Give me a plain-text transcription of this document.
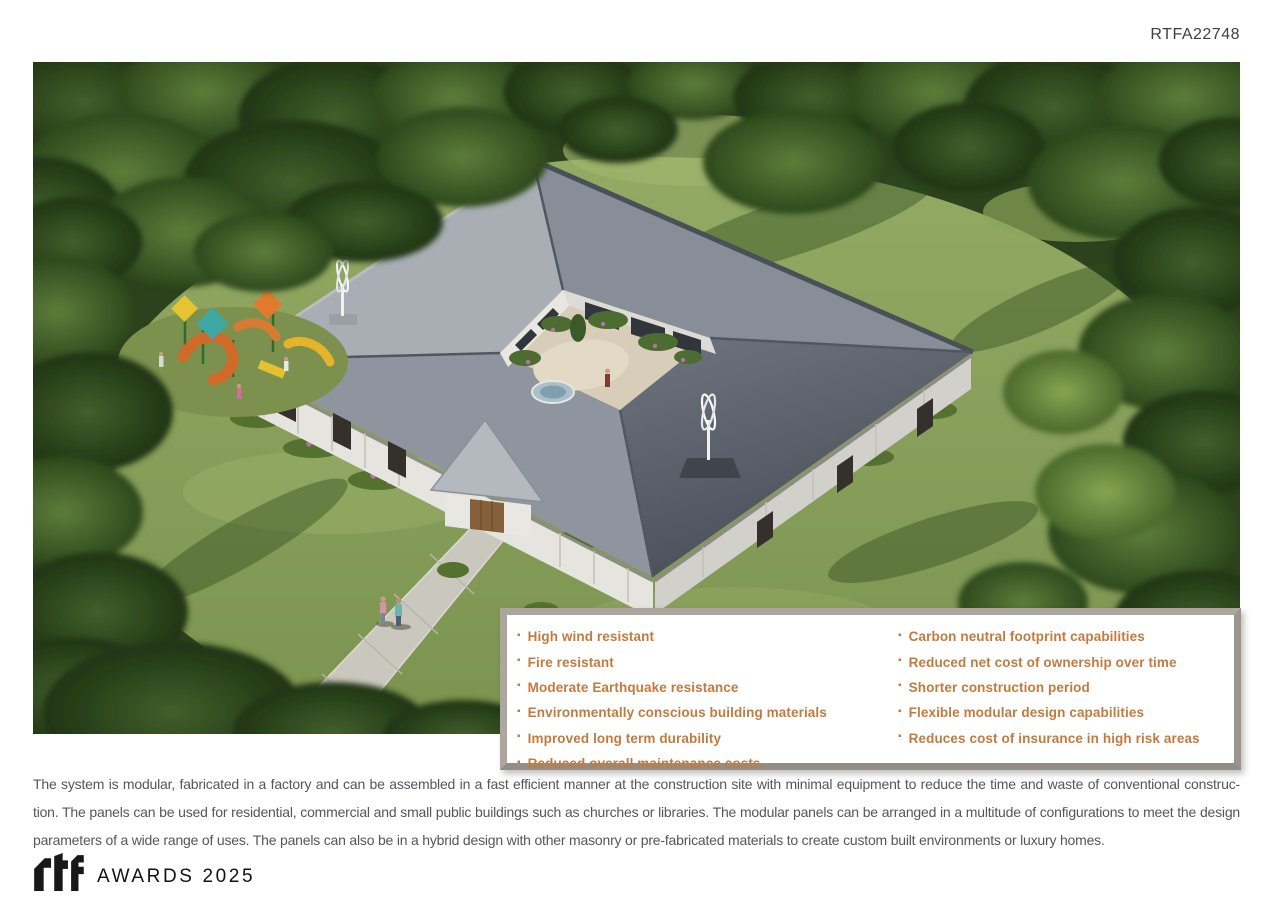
RTFA22748
▪ High wind resistant
▪ Fire resistant
▪ Moderate Earthquake resistance
▪ Environmentally conscious building materials
▪ Improved long term durability
▪ Reduced overall maintenance costs
▪ Carbon neutral footprint capabilities
▪ Reduced net cost of ownership over time
▪ Shorter construction period
▪ Flexible modular design capabilities
▪ Reduces cost of insurance in high risk areas
The system is modular, fabricated in a factory and can be assembled in a fast efficient manner at the construction site with minimal equipment to reduce the time and waste of conventional construc-
tion. The panels can be used for residential, commercial and small public buildings such as churches or libraries. The modular panels can be arranged in a multitude of configurations to meet the design
parameters of a wide range of uses. The panels can also be in a hybrid design with other masonry or pre-fabricated materials to create custom built environments or luxury homes.
AWARDS 2025
